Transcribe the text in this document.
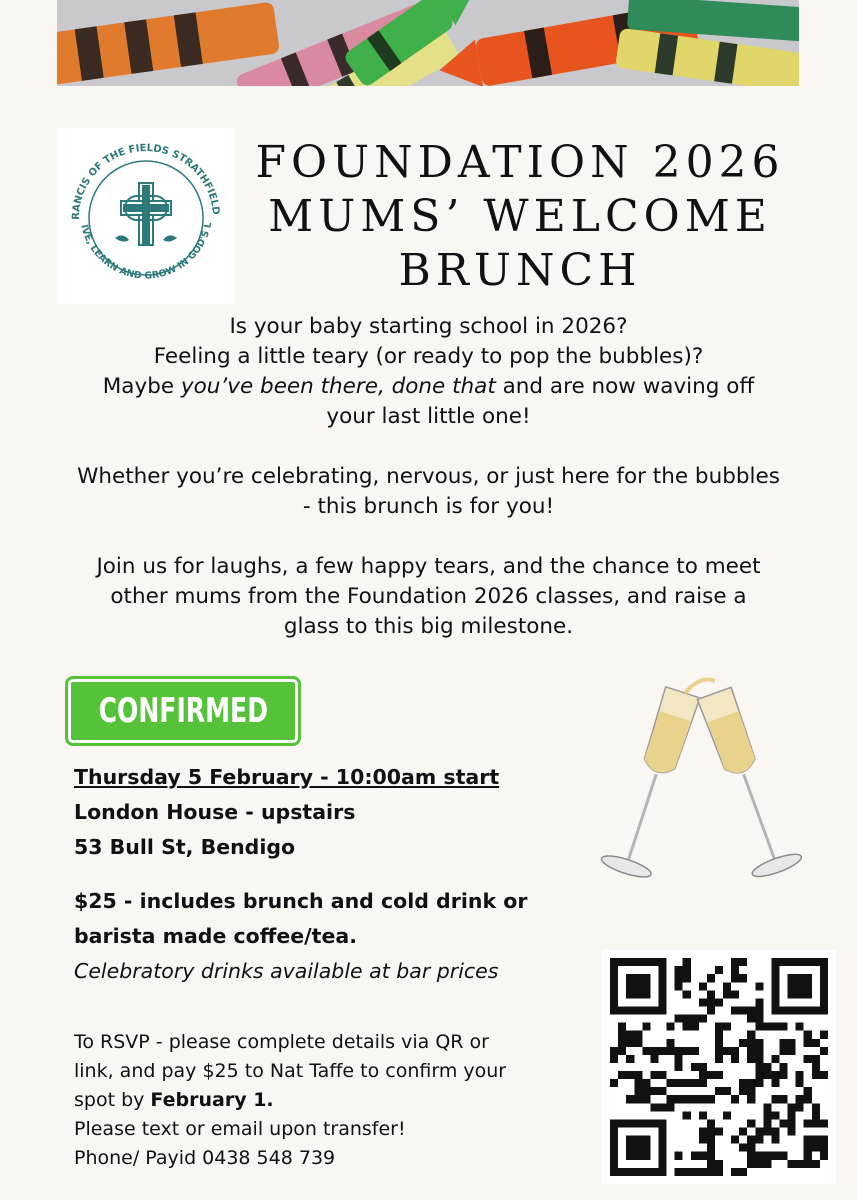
RANCIS OF THE FIELDS STRATHFIELD
IVE, LEARN AND GROW IN GOD'S L
FOUNDATION 2026
MUMS’ WELCOME
BRUNCH

Is your baby starting school in 2026?

Feeling a little teary (or ready to pop the bubbles)?

Maybe you’ve been there, done that and are now waving off

your last little one!

Whether you’re celebrating, nervous, or just here for the bubbles

- this brunch is for you!

Join us for laughs, a few happy tears, and the chance to meet

other mums from the Foundation 2026 classes, and raise a

glass to this big milestone.

CONFIRMED
Thursday 5 February - 10:00am start
London House - upstairs
53 Bull St, Bendigo
$25 - includes brunch and cold drink or
barista made coffee/tea.
Celebratory drinks available at bar prices
To RSVP - please complete details via QR or
link, and pay $25 to Nat Taffe to confirm your
spot by February 1.
Please text or email upon transfer!
Phone/ Payid 0438 548 739
